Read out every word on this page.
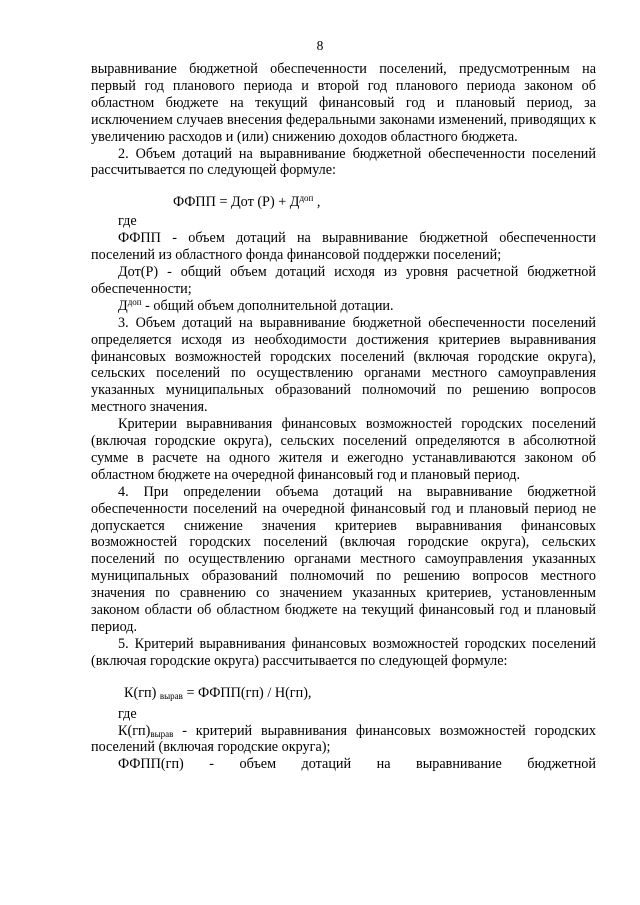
8

выравнивание бюджетной обеспеченности поселений, предусмотренным на первый год планового периода и второй год планового периода законом об областном бюджете на текущий финансовый год и плановый период, за исключением случаев внесения федеральными законами изменений, приводящих к увеличению расходов и (или) снижению доходов областного бюджета.

2. Объем дотаций на выравнивание бюджетной обеспеченности поселений рассчитывается по следующей формуле:

ФФПП = Дот $(Р) + Д^{доп}$ ,

где

ФФПП - объем дотаций на выравнивание бюджетной обеспеченности поселений из областного фонда финансовой поддержки поселений;

Дот(Р) - общий объем дотаций исходя из уровня расчетной бюджетной обеспеченности;

$Д^{доп}$ - общий объем дополнительной дотации.

3. Объем дотаций на выравнивание бюджетной обеспеченности поселений определяется исходя из необходимости достижения критериев выравнивания финансовых возможностей городских поселений (включая городские округа), сельских поселений по осуществлению органами местного самоуправления указанных муниципальных образований полномочий по решению вопросов местного значения.

Критерии выравнивания финансовых возможностей городских поселений (включая городские округа), сельских поселений определяются в абсолютной сумме в расчете на одного жителя и ежегодно устанавливаются законом об областном бюджете на очередной финансовый год и плановый период.

4. При определении объема дотаций на выравнивание бюджетной обеспеченности поселений на очередной финансовый год и плановый период не допускается снижение значения критериев выравнивания финансовых возможностей городских поселений (включая городские округа), сельских поселений по осуществлению органами местного самоуправления указанных муниципальных образований полномочий по решению вопросов местного значения по сравнению со значением указанных критериев, установленным законом области об областном бюджете на текущий финансовый год и плановый период.

5. Критерий выравнивания финансовых возможностей городских поселений (включая городские округа) рассчитывается по следующей формуле:

К(гп) $_{вырав}$ = ФФПП(гп) / Н(гп),

где

$К(гп)_{вырав}$ - критерий выравнивания финансовых возможностей городских поселений (включая городские округа);

ФФПП(гп) - объем дотаций на выравнивание бюджетной
